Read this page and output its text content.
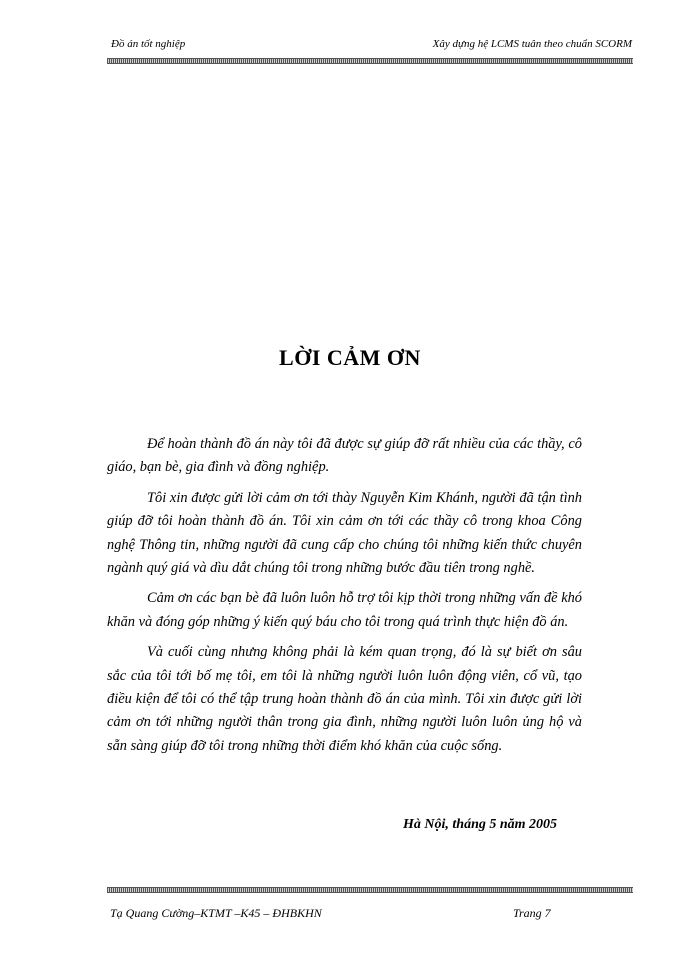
Đồ án tốt nghiệp	Xây dựng hệ LCMS tuân theo chuẩn SCORM
LỜI CẢM ƠN

Để hoàn thành đồ án này tôi đã được sự giúp đỡ rất nhiều của các thầy, cô giáo, bạn bè, gia đình và đồng nghiệp.

Tôi xin được gửi lời cảm ơn tới thày Nguyễn Kim Khánh, người đã tận tình giúp đỡ tôi hoàn thành đồ án. Tôi xin cảm ơn tới các thầy cô trong khoa Công nghệ Thông tin, những người đã cung cấp cho chúng tôi những kiến thức chuyên ngành quý giá và dìu dắt chúng tôi trong những bước đầu tiên trong nghề.

Cảm ơn các bạn bè đã luôn luôn hỗ trợ tôi kịp thời trong những vấn đề khó khăn và đóng góp những ý kiến quý báu cho tôi trong quá trình thực hiện đồ án.

Và cuối cùng nhưng không phải là kém quan trọng, đó là sự biết ơn sâu sắc của tôi tới bố mẹ tôi, em tôi là những người luôn luôn động viên, cổ vũ, tạo điều kiện để tôi có thể tập trung hoàn thành đồ án của mình. Tôi xin được gửi lời cảm ơn tới những người thân trong gia đình, những người luôn luôn ủng hộ và sẵn sàng giúp đỡ tôi trong những thời điểm khó khăn của cuộc sống.

Hà Nội, tháng 5 năm 2005
Tạ Quang Cường–KTMT –K45 – ĐHBKHN	Trang 7
